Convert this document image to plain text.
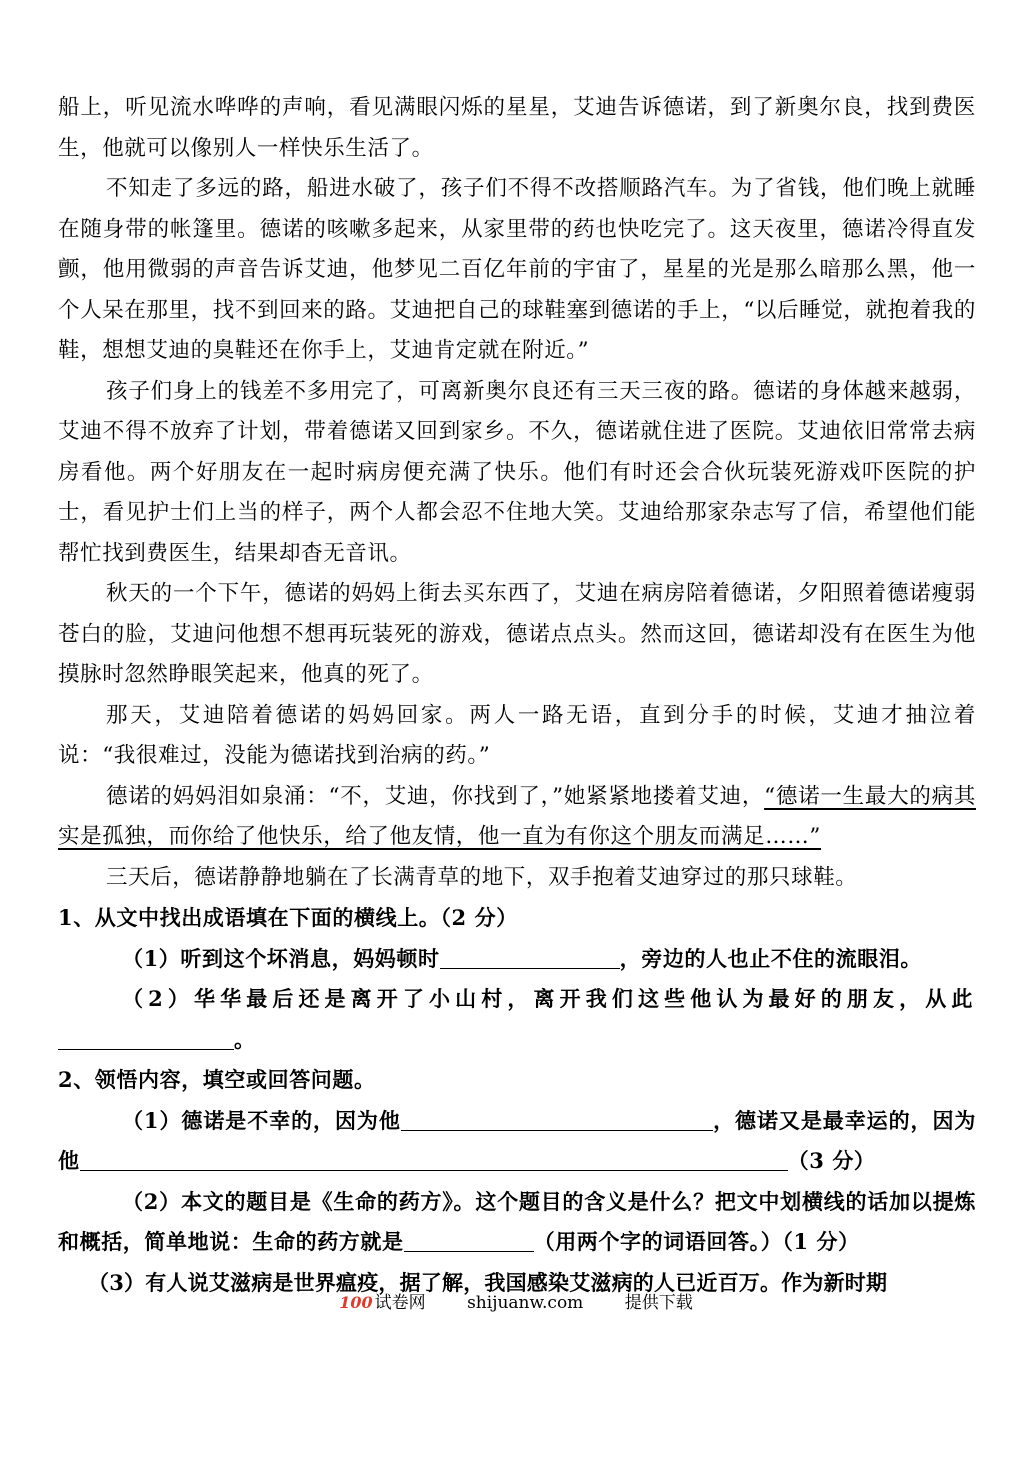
船上，听见流水哗哗的声响，看见满眼闪烁的星星，艾迪告诉德诺，到了新奥尔良，找到费医生，他就可以像别人一样快乐生活了。

不知走了多远的路，船进水破了，孩子们不得不改搭顺路汽车。为了省钱，他们晚上就睡在随身带的帐篷里。德诺的咳嗽多起来，从家里带的药也快吃完了。这天夜里，德诺冷得直发颤，他用微弱的声音告诉艾迪，他梦见二百亿年前的宇宙了，星星的光是那么暗那么黑，他一个人呆在那里，找不到回来的路。艾迪把自己的球鞋塞到德诺的手上，“以后睡觉，就抱着我的鞋，想想艾迪的臭鞋还在你手上，艾迪肯定就在附近。”

孩子们身上的钱差不多用完了，可离新奥尔良还有三天三夜的路。德诺的身体越来越弱，艾迪不得不放弃了计划，带着德诺又回到家乡。不久，德诺就住进了医院。艾迪依旧常常去病房看他。两个好朋友在一起时病房便充满了快乐。他们有时还会合伙玩装死游戏吓医院的护士，看见护士们上当的样子，两个人都会忍不住地大笑。艾迪给那家杂志写了信，希望他们能帮忙找到费医生，结果却杳无音讯。

秋天的一个下午，德诺的妈妈上街去买东西了，艾迪在病房陪着德诺，夕阳照着德诺瘦弱苍白的脸，艾迪问他想不想再玩装死的游戏，德诺点点头。然而这回，德诺却没有在医生为他摸脉时忽然睁眼笑起来，他真的死了。

那天，艾迪陪着德诺的妈妈回家。两人一路无语，直到分手的时候，艾迪才抽泣着说：“我很难过，没能为德诺找到治病的药。”

德诺的妈妈泪如泉涌：“不，艾迪，你找到了，”她紧紧地搂着艾迪，“德诺一生最大的病其实是孤独，而你给了他快乐，给了他友情，他一直为有你这个朋友而满足……”

三天后，德诺静静地躺在了长满青草的地下，双手抱着艾迪穿过的那只球鞋。

1、从文中找出成语填在下面的横线上。（2 分）

（1）听到这个坏消息，妈妈顿时	，旁边的人也止不住的流眼泪。

（2）华华最后还是离开了小山村，离开我们这些他认为最好的朋友，从此。

2、领悟内容，填空或回答问题。

（1）德诺是不幸的，因为他	，德诺又是最幸运的，因为他	（3 分）

（2）本文的题目是《生命的药方》。这个题目的含义是什么？把文中划横线的话加以提炼和概括，简单地说：生命的药方就是	（用两个字的词语回答。）（1 分）

（3）有人说艾滋病是世界瘟疫，据了解，我国感染艾滋病的人已近百万。作为新时期

100 试卷网 shijuanw.com 提供下载
